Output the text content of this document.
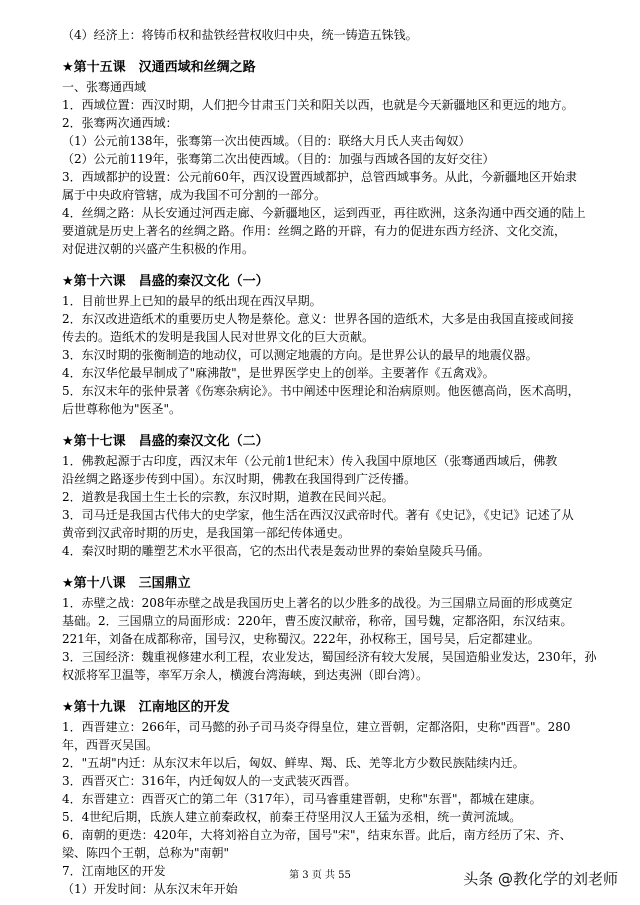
（4）经济上：将铸币权和盐铁经营权收归中央，统一铸造五铢钱。
★第十五课　汉通西域和丝绸之路
一、张骞通西域
1．西域位置：西汉时期，人们把今甘肃玉门关和阳关以西，也就是今天新疆地区和更远的地方。
2．张骞两次通西域：
（1）公元前138年，张骞第一次出使西域。（目的：联络大月氏人夹击匈奴）
（2）公元前119年，张骞第二次出使西域。（目的：加强与西域各国的友好交往）
3．西域都护的设置：公元前60年，西汉设置西域都护，总管西域事务。从此，今新疆地区开始隶
属于中央政府管辖，成为我国不可分割的一部分。
4．丝绸之路：从长安通过河西走廊、今新疆地区，运到西亚，再往欧洲，这条沟通中西交通的陆上
要道就是历史上著名的丝绸之路。作用：丝绸之路的开辟，有力的促进东西方经济、文化交流，
对促进汉朝的兴盛产生积极的作用。
★第十六课　昌盛的秦汉文化（一）
1．目前世界上已知的最早的纸出现在西汉早期。
2．东汉改进造纸术的重要历史人物是蔡伦。意义：世界各国的造纸术，大多是由我国直接或间接
传去的。造纸术的发明是我国人民对世界文化的巨大贡献。
3．东汉时期的张衡制造的地动仪，可以测定地震的方向。是世界公认的最早的地震仪器。
4．东汉华佗最早制成了"麻沸散"，是世界医学史上的创举。主要著作《五禽戏》。
5．东汉末年的张仲景著《伤寒杂病论》。书中阐述中医理论和治病原则。他医德高尚，医术高明，
后世尊称他为"医圣"。
★第十七课　昌盛的秦汉文化（二）
1．佛教起源于古印度，西汉末年（公元前1世纪末）传入我国中原地区（张骞通西域后，佛教
沿丝绸之路逐步传到中国）。东汉时期，佛教在我国得到广泛传播。
2．道教是我国土生土长的宗教，东汉时期，道教在民间兴起。
3．司马迁是我国古代伟大的史学家，他生活在西汉汉武帝时代。著有《史记》，《史记》记述了从
黄帝到汉武帝时期的历史，是我国第一部纪传体通史。
4．秦汉时期的雕塑艺术水平很高，它的杰出代表是轰动世界的秦始皇陵兵马俑。
★第十八课　三国鼎立
1．赤壁之战：208年赤壁之战是我国历史上著名的以少胜多的战役。为三国鼎立局面的形成奠定
基础。2．三国鼎立的局面形成：220年，曹丕废汉献帝，称帝，国号魏，定都洛阳，东汉结束。
221年，刘备在成都称帝，国号汉，史称蜀汉。222年，孙权称王，国号吴，后定都建业。
3．三国经济：魏重视修建水利工程，农业发达，蜀国经济有较大发展，吴国造船业发达，230年，孙
权派将军卫温等，率军万余人，横渡台湾海峡，到达夷洲（即台湾）。
★第十九课　江南地区的开发
1．西晋建立：266年，司马懿的孙子司马炎夺得皇位，建立晋朝，定都洛阳，史称"西晋"。280
年，西晋灭吴国。
2．"五胡"内迁：从东汉末年以后，匈奴、鲜卑、羯、氐、羌等北方少数民族陆续内迁。
3．西晋灭亡：316年，内迁匈奴人的一支武装灭西晋。
4．东晋建立：西晋灭亡的第二年（317年），司马睿重建晋朝，史称"东晋"，都城在建康。
5．4世纪后期，氐族人建立前秦政权，前秦王苻坚用汉人王猛为丞相，统一黄河流域。
6．南朝的更迭：420年，大将刘裕自立为帝，国号"宋"，结束东晋。此后，南方经历了宋、齐、
梁、陈四个王朝，总称为"南朝"
7．江南地区的开发
（1）开发时间：从东汉末年开始
第 3 页 共 55	头条 @教化学的刘老师
